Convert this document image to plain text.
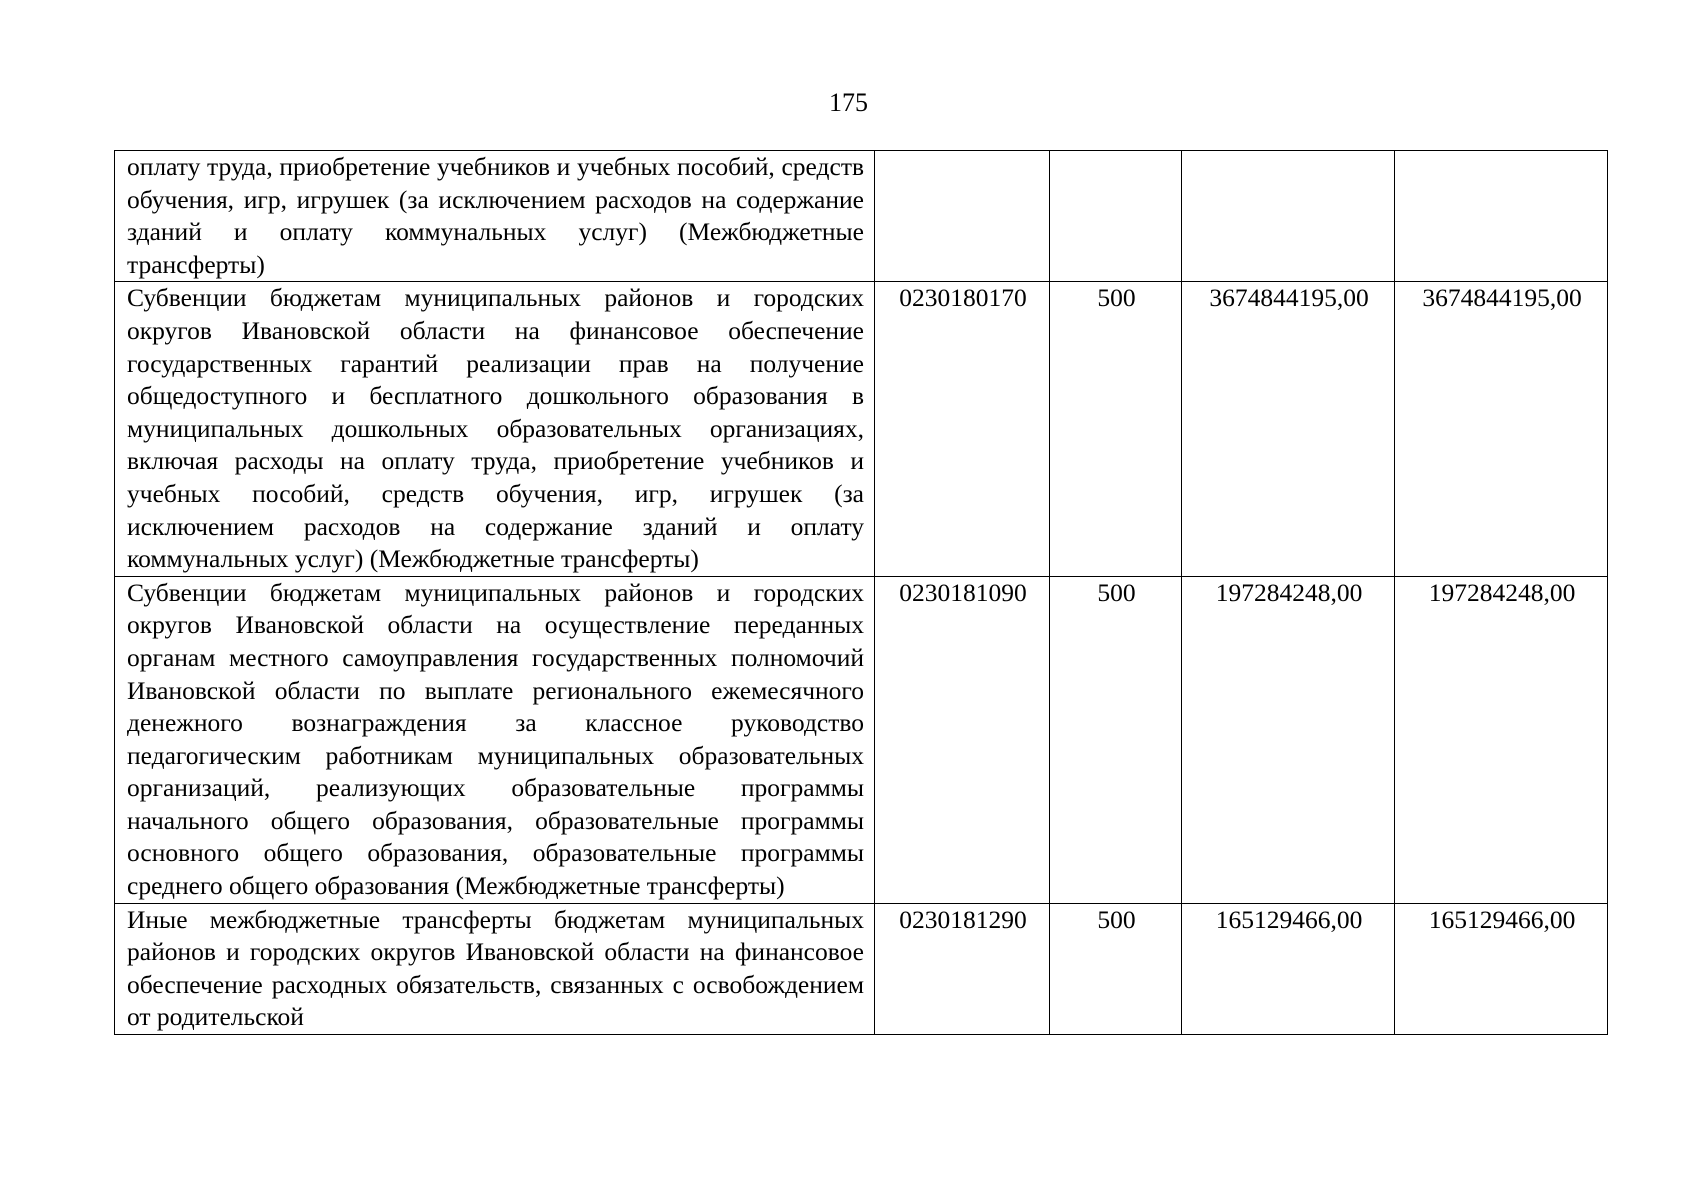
175
оплату труда, приобретение учебников и учебных пособий, средств обучения, игр, игрушек (за исключением расходов на содержание зданий и оплату коммунальных услуг) (Межбюджетные трансферты)				
Субвенции бюджетам муниципальных районов и городских округов Ивановской области на финансовое обеспечение государственных гарантий реализации прав на получение общедоступного и бесплатного дошкольного образования в муниципальных дошкольных образовательных организациях, включая расходы на оплату труда, приобретение учебников и учебных пособий, средств обучения, игр, игрушек (за исключением расходов на содержание зданий и оплату коммунальных услуг) (Межбюджетные трансферты)	0230180170	500	3674844195,00	3674844195,00
Субвенции бюджетам муниципальных районов и городских округов Ивановской области на осуществление переданных органам местного самоуправления государственных полномочий Ивановской области по выплате регионального ежемесячного денежного вознаграждения за классное руководство педагогическим работникам муниципальных образовательных организаций, реализующих образовательные программы начального общего образования, образовательные программы основного общего образования, образовательные программы среднего общего образования (Межбюджетные трансферты)	0230181090	500	197284248,00	197284248,00
Иные межбюджетные трансферты бюджетам муниципальных районов и городских округов Ивановской области на финансовое обеспечение расходных обязательств, связанных с освобождением от родительской	0230181290	500	165129466,00	165129466,00
